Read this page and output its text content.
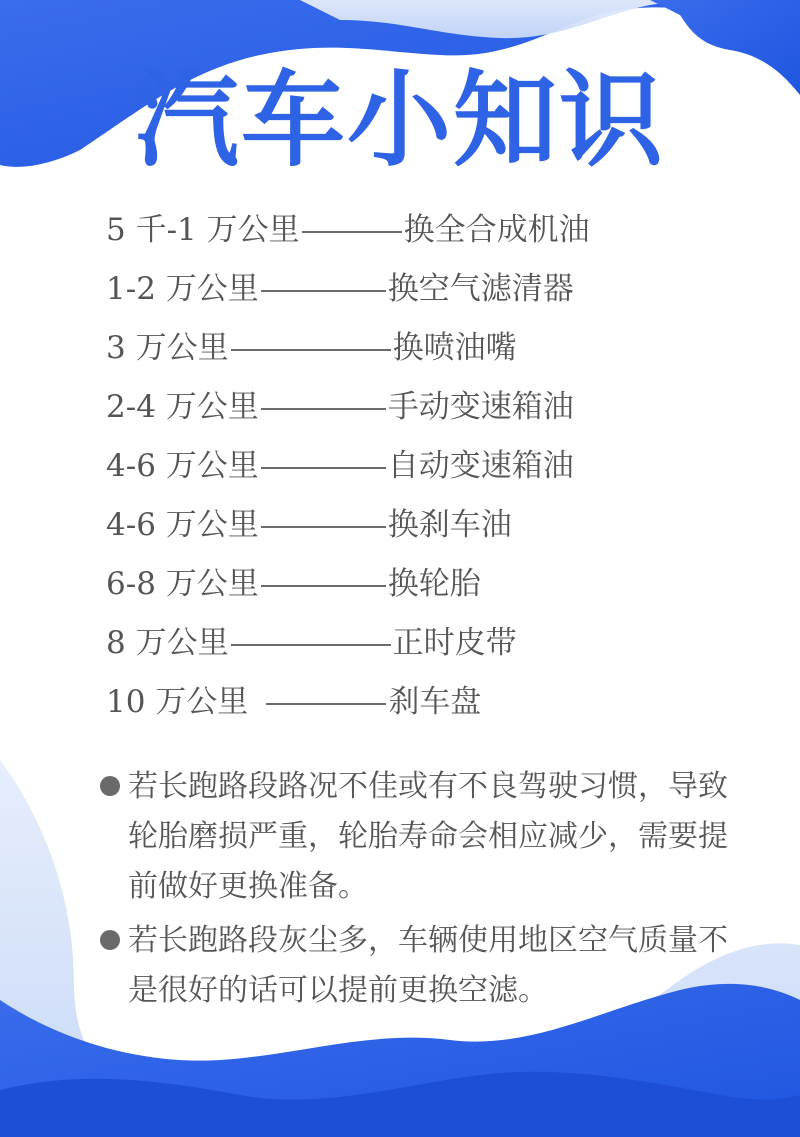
汽车小知识
5 千-1 万公里	换全合成机油
1-2 万公里	换空气滤清器
3 万公里	换喷油嘴
2-4 万公里	手动变速箱油
4-6 万公里	自动变速箱油
4-6 万公里	换刹车油
6-8 万公里	换轮胎
8 万公里	正时皮带
10 万公里	刹车盘
若长跑路段路况不佳或有不良驾驶习惯，导致轮胎磨损严重，轮胎寿命会相应减少，需要提前做好更换准备。
若长跑路段灰尘多，车辆使用地区空气质量不是很好的话可以提前更换空滤。
